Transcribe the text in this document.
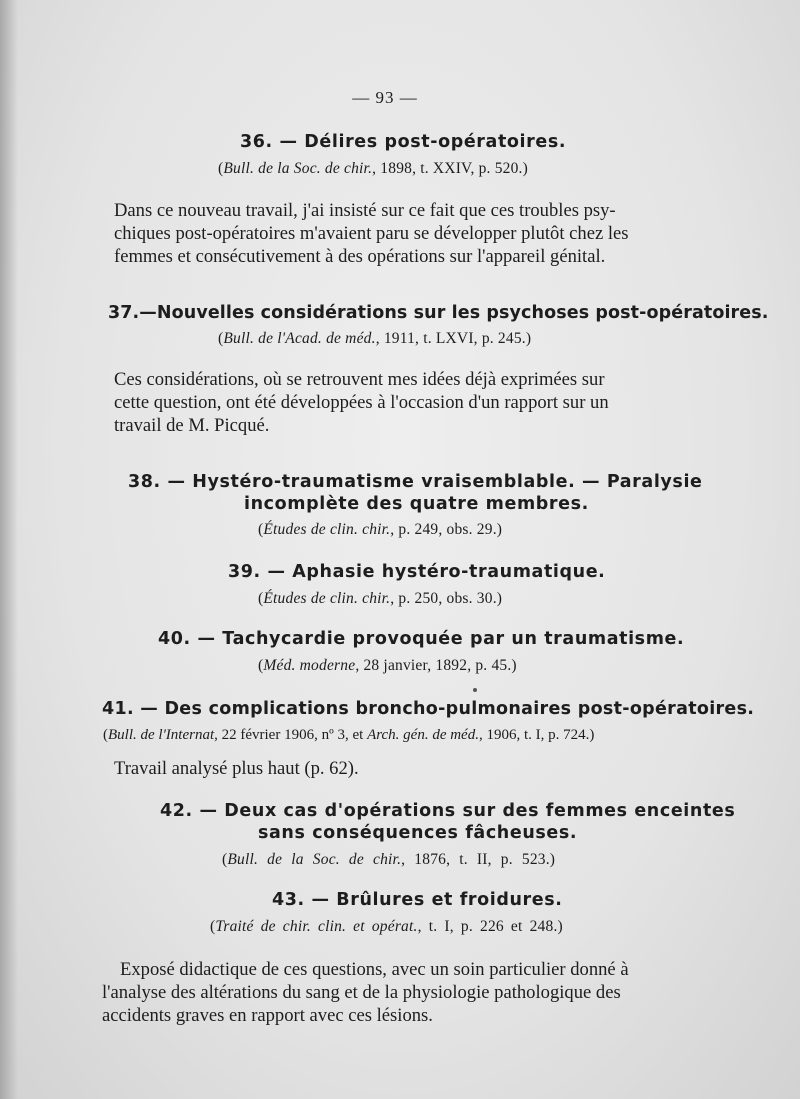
— 93 —
36. — Délires post-opératoires.
(Bull. de la Soc. de chir., 1898, t. XXIV, p. 520.)
Dans ce nouveau travail, j'ai insisté sur ce fait que ces troubles psy-
chiques post-opératoires m'avaient paru se développer plutôt chez les
femmes et consécutivement à des opérations sur l'appareil génital.
37.—Nouvelles considérations sur les psychoses post-opératoires.
(Bull. de l'Acad. de méd., 1911, t. LXVI, p. 245.)
Ces considérations, où se retrouvent mes idées déjà exprimées sur
cette question, ont été développées à l'occasion d'un rapport sur un
travail de M. Picqué.
38. — Hystéro-traumatisme vraisemblable. — Paralysie
incomplète des quatre membres.
(Études de clin. chir., p. 249, obs. 29.)
39. — Aphasie hystéro-traumatique.
(Études de clin. chir., p. 250, obs. 30.)
40. — Tachycardie provoquée par un traumatisme.
(Méd. moderne, 28 janvier, 1892, p. 45.)
41. — Des complications broncho-pulmonaires post-opératoires.
(Bull. de l'Internat, 22 février 1906, nº 3, et Arch. gén. de méd., 1906, t. I, p. 724.)
Travail analysé plus haut (p. 62).
42. — Deux cas d'opérations sur des femmes enceintes
sans conséquences fâcheuses.
(Bull. de la Soc. de chir., 1876, t. II, p. 523.)
43. — Brûlures et froidures.
(Traité de chir. clin. et opérat., t. I, p. 226 et 248.)
Exposé didactique de ces questions, avec un soin particulier donné à
l'analyse des altérations du sang et de la physiologie pathologique des
accidents graves en rapport avec ces lésions.
